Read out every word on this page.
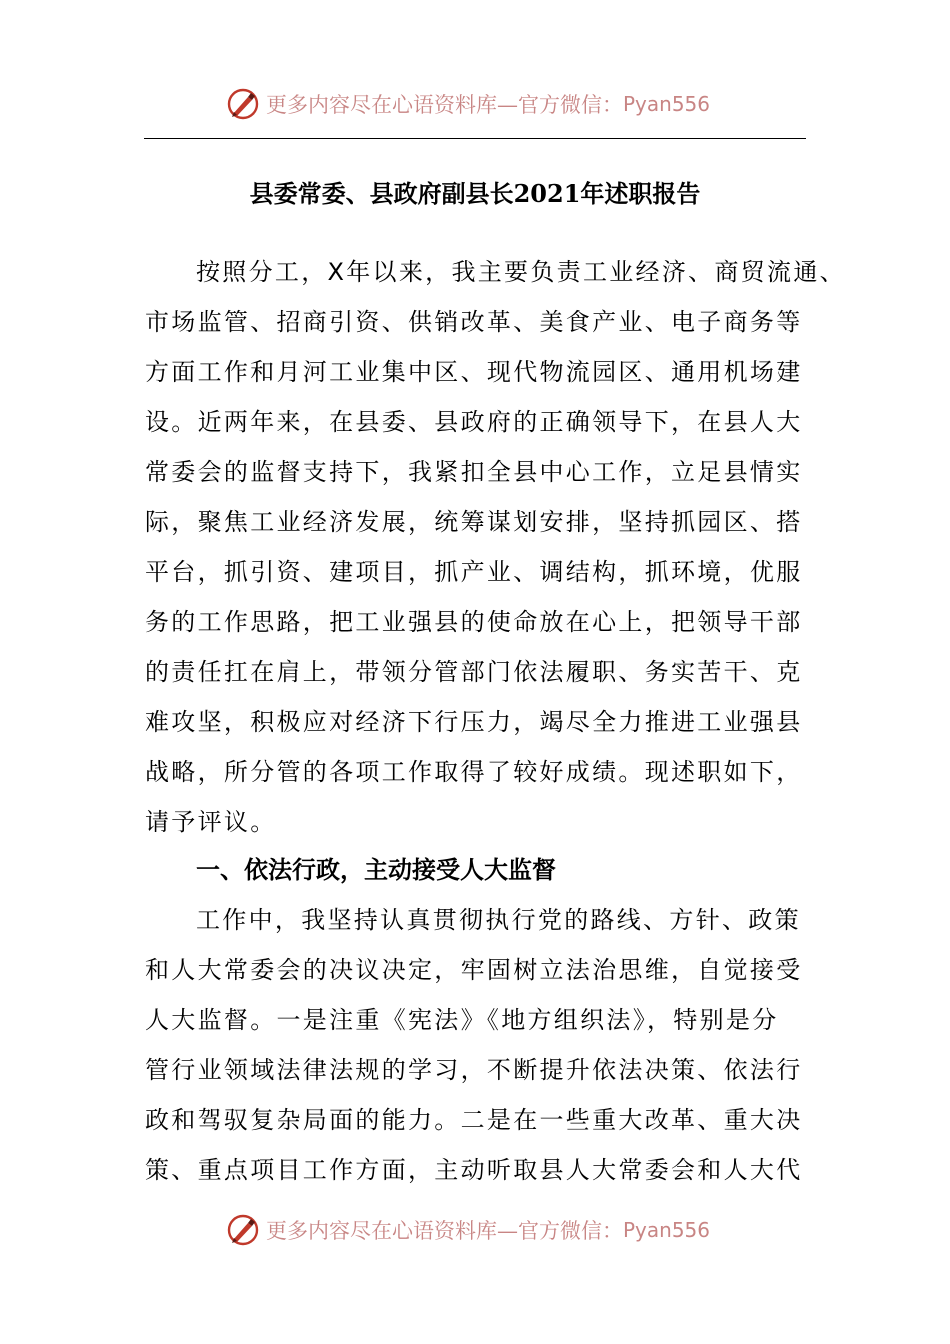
更多内容尽在心语资料库—官方微信： Pyan556
县委常委、县政府副县长2021年述职报告

按照分工，X年以来，我主要负责工业经济、商贸流通、

市场监管、招商引资、供销改革、美食产业、电子商务等

方面工作和月河工业集中区、现代物流园区、通用机场建

设。近两年来，在县委、县政府的正确领导下，在县人大

常委会的监督支持下，我紧扣全县中心工作，立足县情实

际，聚焦工业经济发展，统筹谋划安排，坚持抓园区、搭

平台，抓引资、建项目，抓产业、调结构，抓环境，优服

务的工作思路，把工业强县的使命放在心上，把领导干部

的责任扛在肩上，带领分管部门依法履职、务实苦干、克

难攻坚，积极应对经济下行压力，竭尽全力推进工业强县

战略，所分管的各项工作取得了较好成绩。现述职如下，

请予评议。

一、依法行政，主动接受人大监督

工作中，我坚持认真贯彻执行党的路线、方针、政策

和人大常委会的决议决定，牢固树立法治思维，自觉接受

人大监督。一是注重《宪法》《地方组织法》，特别是分

管行业领域法律法规的学习，不断提升依法决策、依法行

政和驾驭复杂局面的能力。二是在一些重大改革、重大决

策、重点项目工作方面，主动听取县人大常委会和人大代

更多内容尽在心语资料库—官方微信： Pyan556
